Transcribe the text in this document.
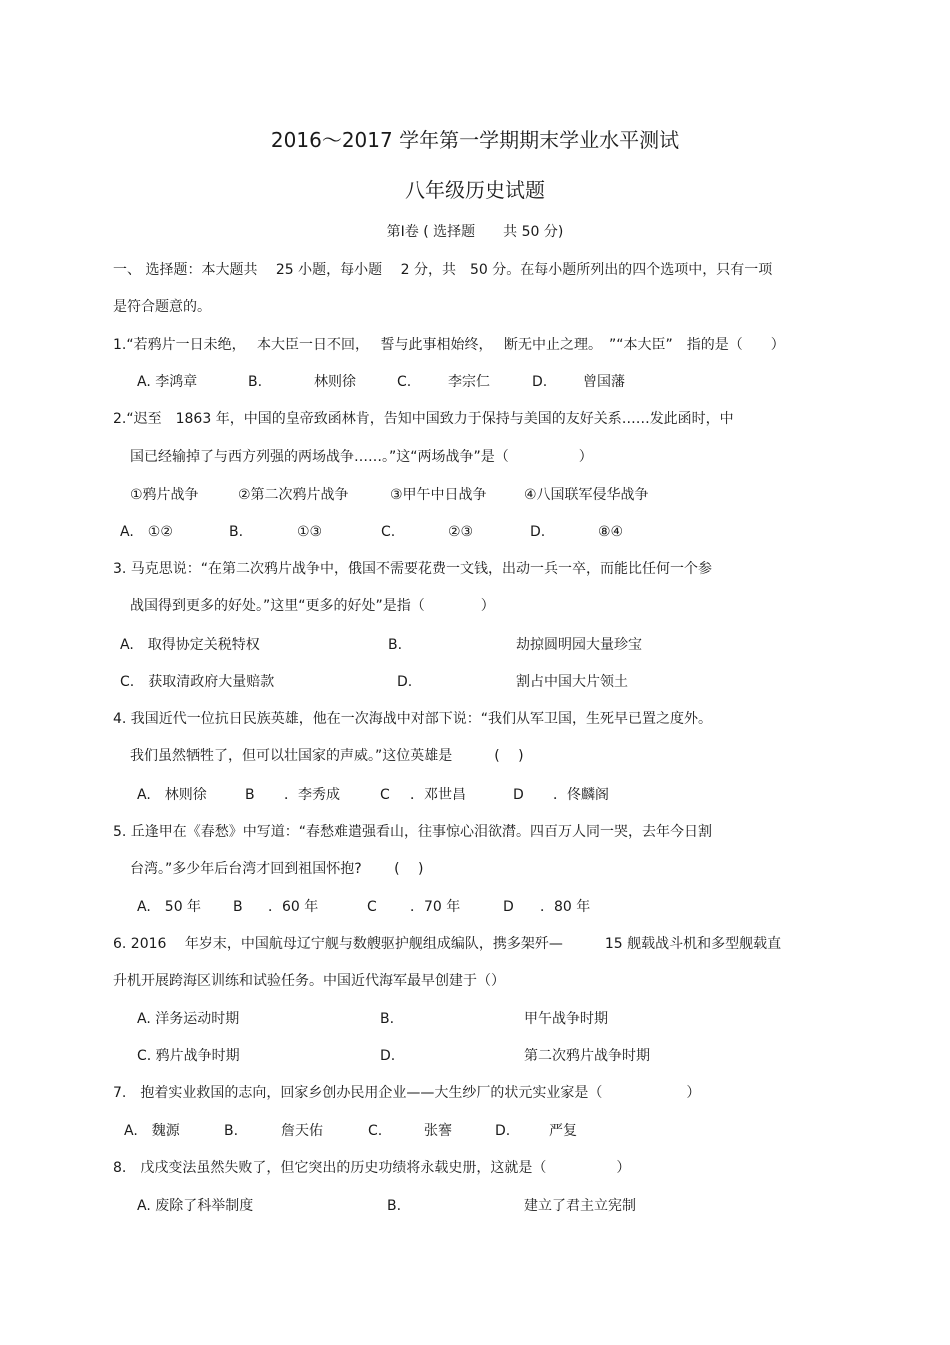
2016～2017 学年第一学期期末学业水平测试
八年级历史试题
第Ⅰ卷 ( 选择题　　共 50 分)
一、 选择题：本大题共　 25 小题，每小题　 2 分，共　50 分。在每小题所列出的四个选项中，只有一项
是符合题意的。
1.“若鸦片一日未绝，　 本大臣一日不回，　 誓与此事相始终，　 断无中止之理。　”“本大臣”　指的是（　　）
A. 李鸿章	B.	林则徐	C.	李宗仁	D.	曾国藩
2.“迟至　1863 年，中国的皇帝致函林肯，告知中国致力于保持与美国的友好关系……发此函时，中
国已经输掉了与西方列强的两场战争……。”这“两场战争”是（　　　　　）
①鸦片战争	②第二次鸦片战争	③甲午中日战争	④八国联军侵华战争
A.　①②	B.	①③	C.	②③	D.	⑧④
3. 马克思说：“在第二次鸦片战争中，俄国不需要花费一文钱，出动一兵一卒，而能比任何一个参
战国得到更多的好处。”这里“更多的好处”是指（　　　　）
A.　取得协定关税特权	B.	劫掠圆明园大量珍宝
C.　获取清政府大量赔款	D.	割占中国大片领土
4. 我国近代一位抗日民族英雄，他在一次海战中对部下说：“我们从军卫国，生死早已置之度外。
我们虽然牺牲了，但可以壮国家的声威。”这位英雄是　　　(　 )
A.　林则徐	B ．李秀成	C ．邓世昌	D ．佟麟阁
5. 丘逢甲在《春愁》中写道：“春愁难遣强看山，往事惊心泪欲潸。四百万人同一哭，去年今日割
台湾。”多少年后台湾才回到祖国怀抱?　　 (　 )
A.　50 年 B ．60 年	C ．70 年	D ．80 年
6. 2016　 年岁末，中国航母辽宁舰与数艘驱护舰组成编队，携多架歼—　　　15 舰载战斗机和多型舰载直
升机开展跨海区训练和试验任务。中国近代海军最早创建于（）
A. 洋务运动时期	B.	甲午战争时期
C. 鸦片战争时期	D.	第二次鸦片战争时期
7.　抱着实业救国的志向，回家乡创办民用企业——大生纱厂的状元实业家是（　　　　　　）
A.　魏源	B.	詹天佑	C.	张謇	D.	严复
8.　戊戌变法虽然失败了，但它突出的历史功绩将永载史册，这就是（　　　　　）
A. 废除了科举制度	B.	建立了君主立宪制
